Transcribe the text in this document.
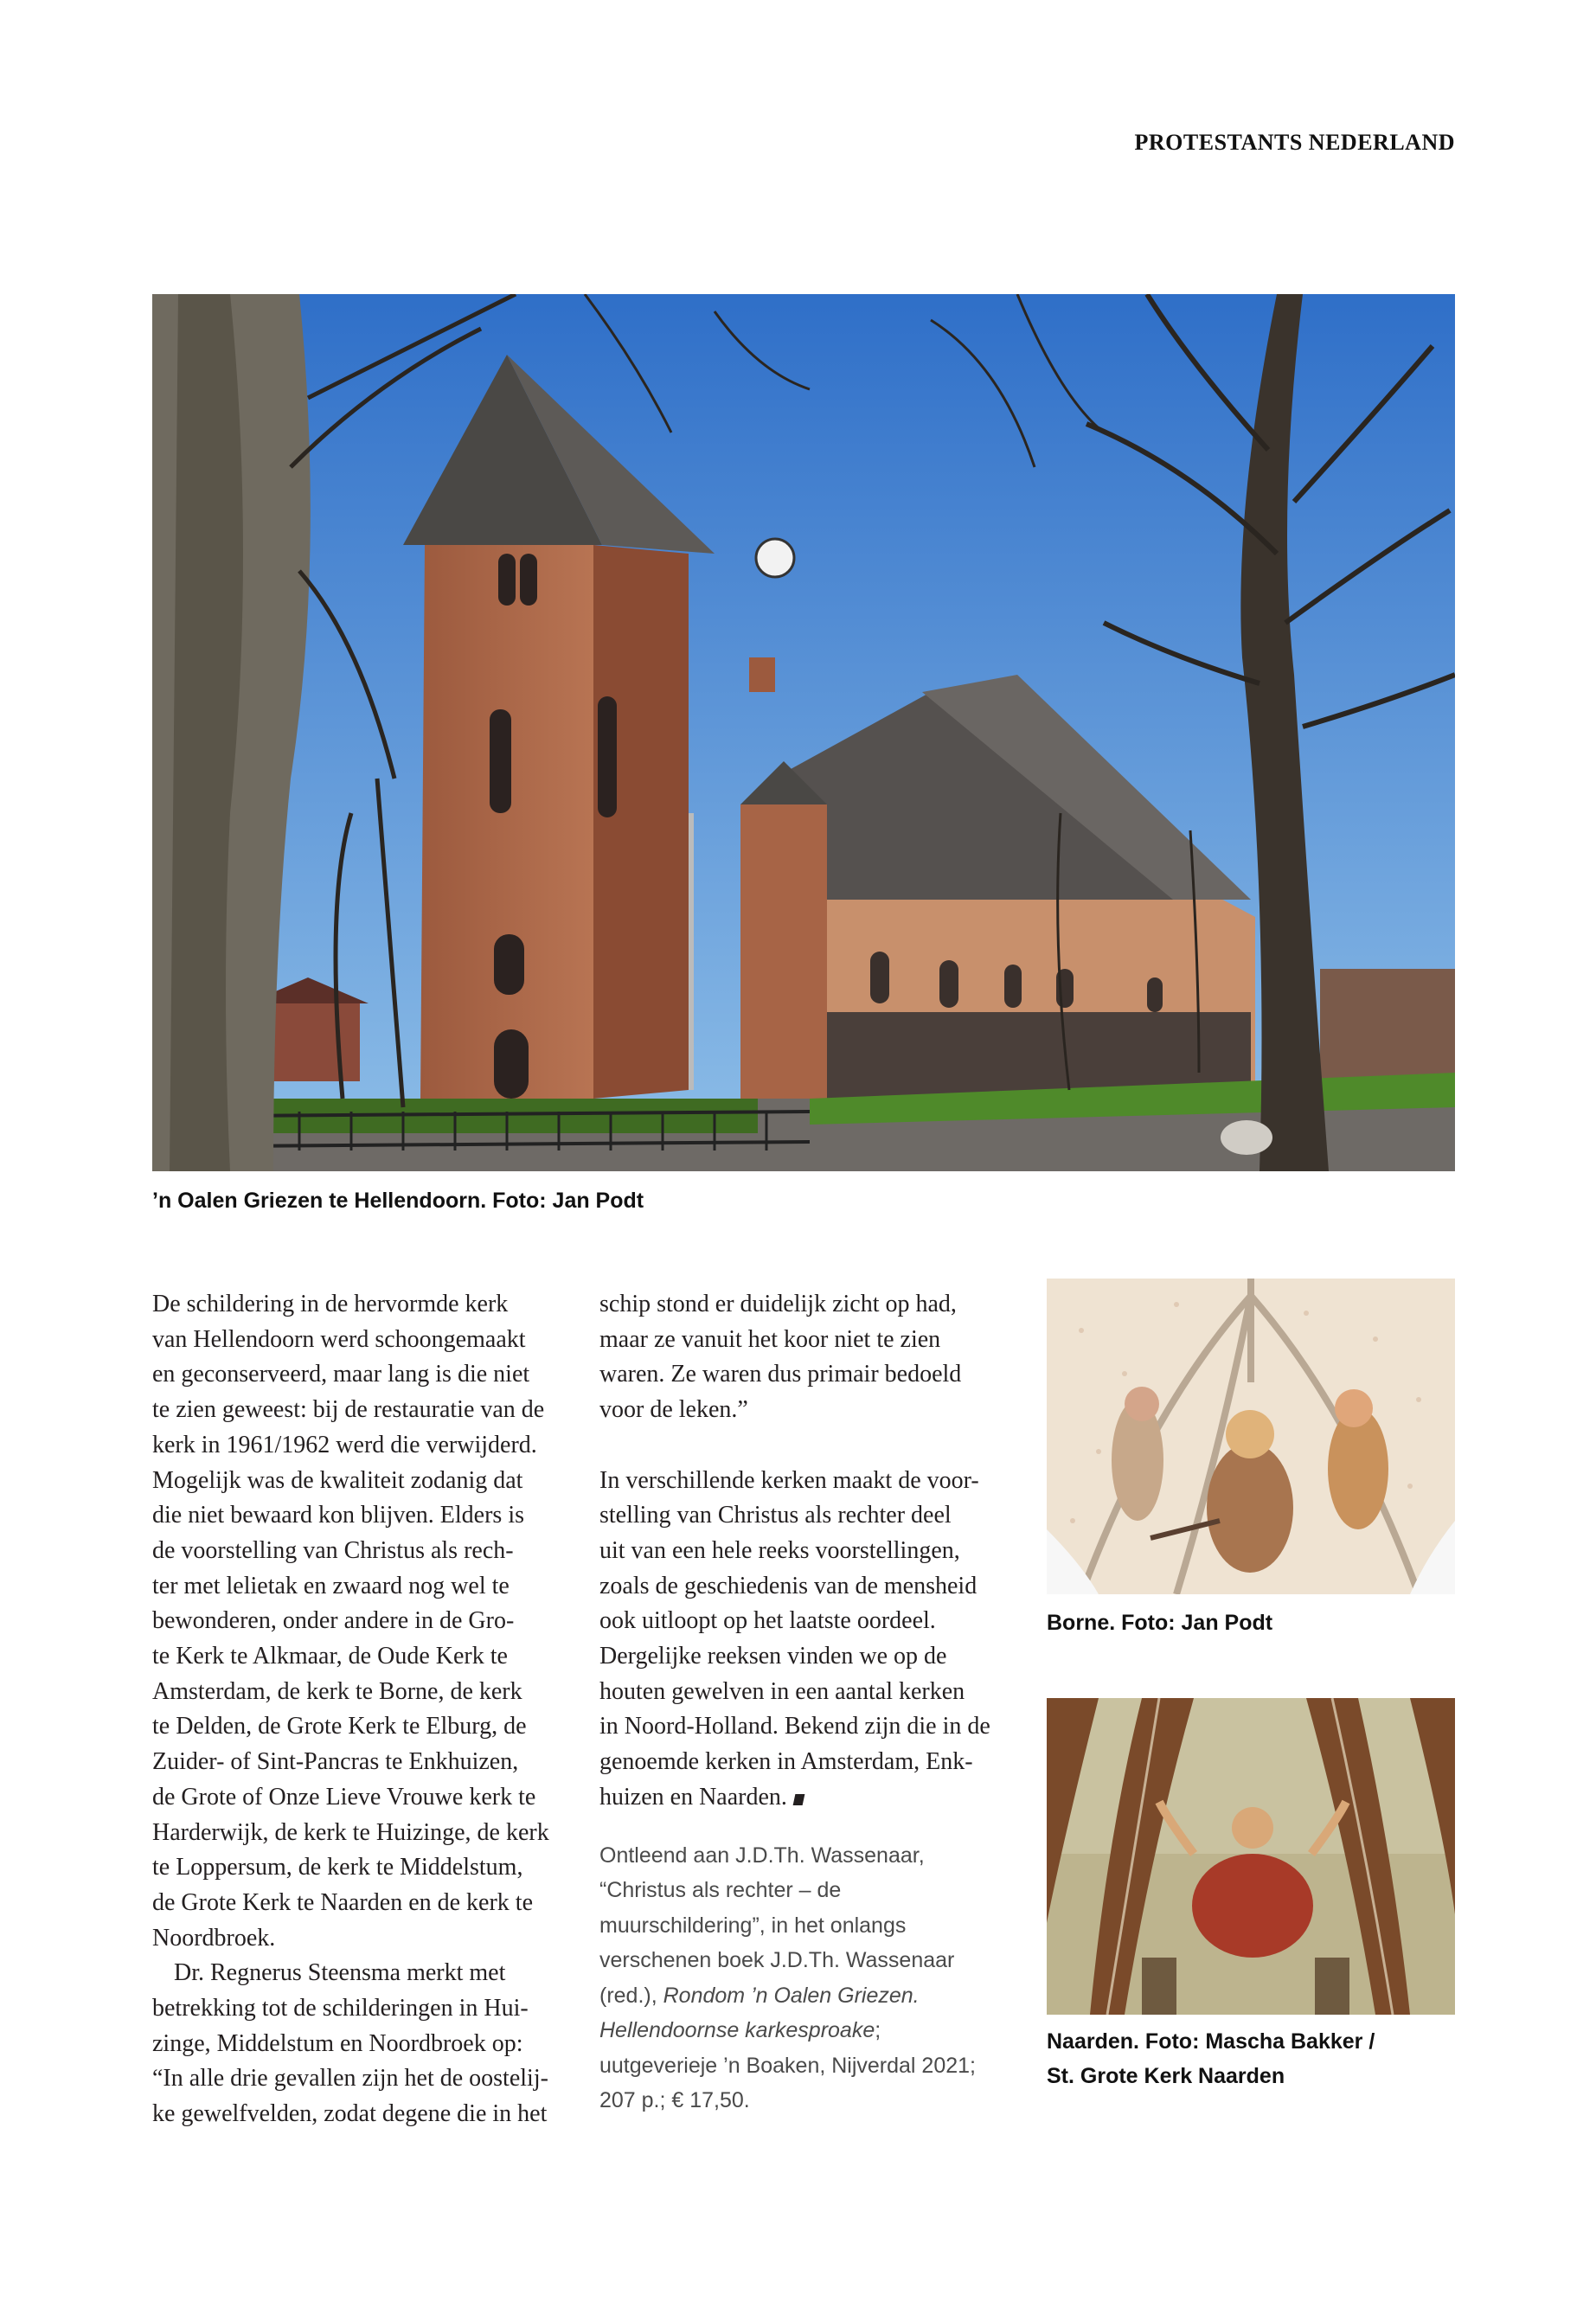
PROTESTANTS NEDERLAND
’n Oalen Griezen te Hellendoorn. Foto: Jan Podt

De schildering in de hervormde kerk
van Hellendoorn werd schoongemaakt
en geconserveerd, maar lang is die niet
te zien geweest: bij de restauratie van de
kerk in 1961/1962 werd die verwijderd.
Mogelijk was de kwaliteit zodanig dat
die niet bewaard kon blijven. Elders is
de voorstelling van Christus als rech-
ter met lelietak en zwaard nog wel te
bewonderen, onder andere in de Gro-
te Kerk te Alkmaar, de Oude Kerk te
Amsterdam, de kerk te Borne, de kerk
te Delden, de Grote Kerk te Elburg, de
Zuider- of Sint-Pancras te Enkhuizen,
de Grote of Onze Lieve Vrouwe kerk te
Harderwijk, de kerk te Huizinge, de kerk
te Loppersum, de kerk te Middelstum,
de Grote Kerk te Naarden en de kerk te
Noordbroek.

Dr. Regnerus Steensma merkt met
betrekking tot de schilderingen in Hui-
zinge, Middelstum en Noordbroek op:
“In alle drie gevallen zijn het de oostelij-
ke gewelfvelden, zodat degene die in het

schip stond er duidelijk zicht op had,
maar ze vanuit het koor niet te zien
waren. Ze waren dus primair bedoeld
voor de leken.”

In verschillende kerken maakt de voor-
stelling van Christus als rechter deel
uit van een hele reeks voorstellingen,
zoals de geschiedenis van de mensheid
ook uitloopt op het laatste oordeel.
Dergelijke reeksen vinden we op de
houten gewelven in een aantal kerken
in Noord-Holland. Bekend zijn die in de
genoemde kerken in Amsterdam, Enk-
huizen en Naarden.

Ontleend aan J.D.Th. Wassenaar,
“Christus als rechter – de
muurschildering”, in het onlangs
verschenen boek J.D.Th. Wassenaar
(red.), Rondom ’n Oalen Griezen.
Hellendoornse karkesproake;
uutgeverieje ’n Boaken, Nijverdal 2021;
207 p.; € 17,50.
Borne. Foto: Jan Podt
Naarden. Foto: Mascha Bakker /
St. Grote Kerk Naarden
